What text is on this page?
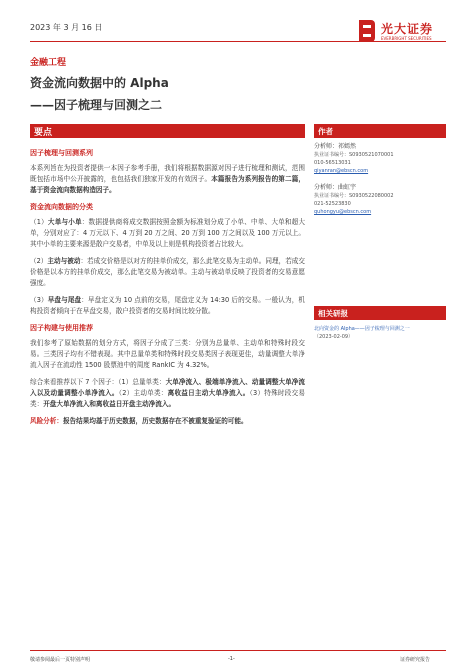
2023 年 3 月 16 日	光大证券
EVERBRIGHT SECURITIES
金融工程
资金流向数据中的 Alpha
——因子梳理与回测之二
要点
因子梳理与回测系列

本系列旨在为投资者提供一本因子参考手册，我们将根据数据源对因子进行梳理和测试，范围既包括市场中公开披露的，也包括我们独家开发的有效因子。本篇报告为系列报告的第二篇，基于资金流向数据构造因子。

资金流向数据的分类

（1）大单与小单：数据提供商将成交数据按照金额为标准划分成了小单、中单、大单和超大单，分别对应了：4 万元以下、4 万到 20 万之间、20 万到 100 万之间以及 100 万元以上。其中小单的主要来源是散户交易者，中单及以上则是机构投资者占比较大。

（2）主动与被动：若成交价格是以对方的挂单价成交，那么此笔交易为主动单。同理，若成交价格是以本方的挂单价成交，那么此笔交易为被动单。主动与被动单反映了投资者的交易意愿强度。

（3）早盘与尾盘：早盘定义为 10 点前的交易，尾盘定义为 14:30 后的交易。一般认为，机构投资者倾向于在早盘交易，散户投资者的交易时间比较分散。

因子构建与使用推荐

我们参考了原始数据的划分方式，将因子分成了三类：分别为总量单、主动单和特殊时段交易。三类因子均有不错表现。其中总量单类和特殊时段交易类因子表现更佳，动量调整大单净流入因子在流动性 1500 股票池中的周度 RankIC 为 4.32%。

综合来看推荐以下 7 个因子：（1）总量单类：大单净流入、极端单净流入、动量调整大单净流入以及动量调整小单净流入。（2）主动单类：离收益日主动大单净流入。（3）特殊时段交易类：开盘大单净流入和离收益日开盘主动净流入。

风险分析：报告结果均基于历史数据，历史数据存在不被重复验证的可能。

作者
分析师：祁嫣然
执业证书编号：S0930521070001
010-56513031
qiyanran@ebscn.com
分析师：曲虹宇
执业证书编号：S0930522080002
021-52523830
quhongyu@ebscn.com
相关研报
北向资金的 Alpha——因子梳理与回测之一
（2023-02-09）
敬请参阅最后一页特别声明	-1-	证券研究报告
